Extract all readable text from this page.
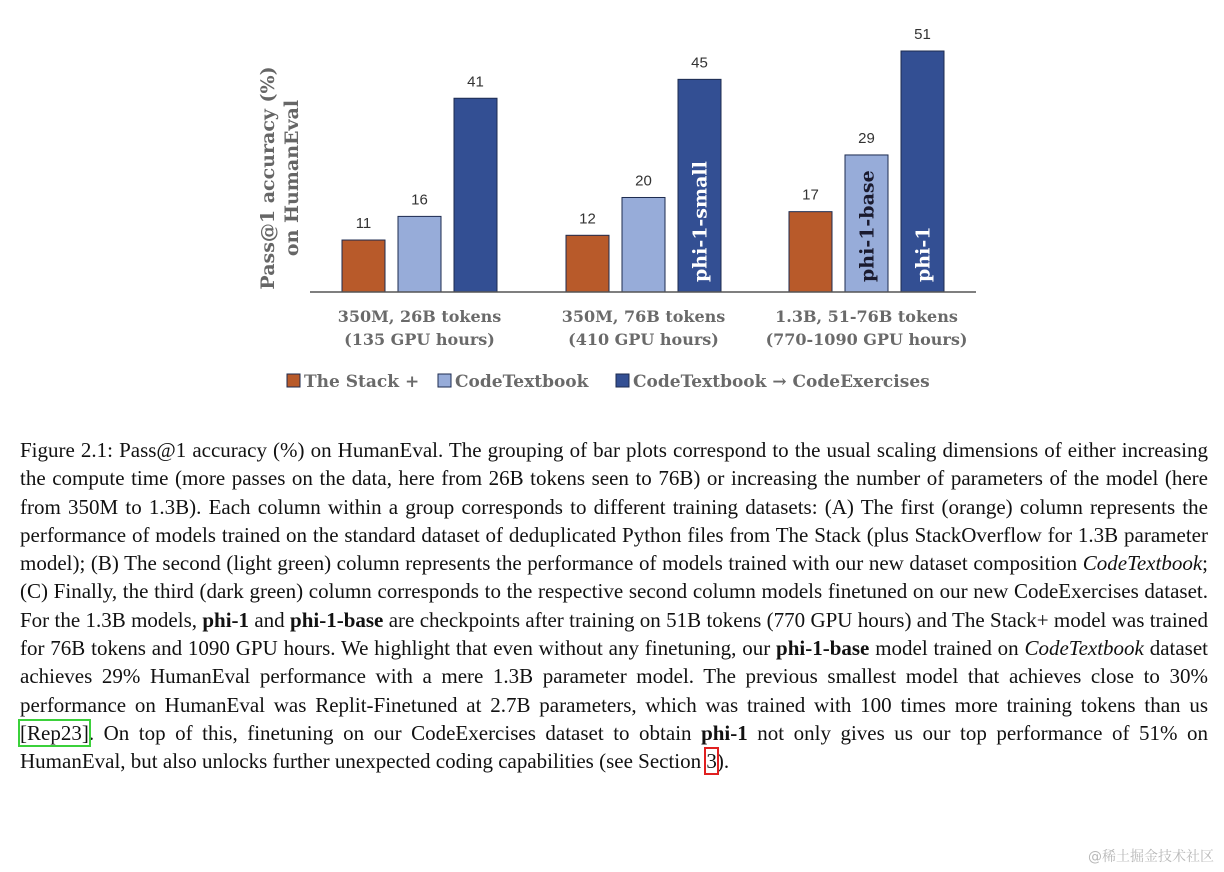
Pass@1 accuracy (%) on HumanEval	11	12
17
16
20
29
phi-1-base
41
45
phi-1-small
51
phi-1
350M, 26B tokens
(135 GPU hours)
350M, 76B tokens
(410 GPU hours)
1.3B, 51-76B tokens
(770-1090 GPU hours)
The Stack + CodeTextbook	CodeTextbook → CodeExercises

Figure 2.1: Pass@1 accuracy (%) on HumanEval. The grouping of bar plots correspond to the usual scaling dimensions of either increasing the compute time (more passes on the data, here from 26B tokens seen to 76B) or increasing the number of parameters of the model (here from 350M to 1.3B). Each column within a group corresponds to different training datasets: (A) The first (orange) column represents the performance of models trained on the standard dataset of deduplicated Python files from The Stack (plus StackOverflow for 1.3B parameter model); (B) The second (light green) column represents the performance of models trained with our new dataset composition CodeTextbook; (C) Finally, the third (dark green) column corresponds to the respective second column models finetuned on our new CodeExercises dataset. For the 1.3B models, phi-1 and phi-1-base are checkpoints after training on 51B tokens (770 GPU hours) and The Stack+ model was trained for 76B tokens and 1090 GPU hours. We highlight that even without any finetuning, our phi-1-base model trained on CodeTextbook dataset achieves 29% HumanEval performance with a mere 1.3B parameter model. The previous smallest model that achieves close to 30% performance on HumanEval was Replit-Finetuned at 2.7B parameters, which was trained with 100 times more training tokens than us [Rep23]. On top of this, finetuning on our CodeExercises dataset to obtain phi-1 not only gives us our top performance of 51% on HumanEval, but also unlocks further unexpected coding capabilities (see Section 3).

@稀土掘金技术社区
